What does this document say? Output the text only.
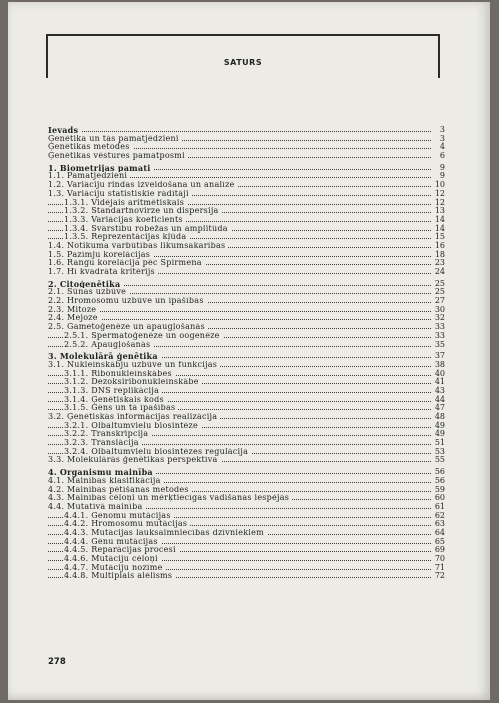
SATURS
Ievads	3
Ģenētika un tās pamatjēdzieni	3
Ģenētikas metodes	4
Ģenētikas vēstures pamatposmi	6
1. Biometrijas pamati	9
1.1. Pamatjēdzieni	9
1.2. Variāciju rindas izveidošana un analīze	10
1.3. Variāciju statistiskie rādītāji	12
1.3.1. Vidējais aritmētiskais	12
1.3.2. Standartnovirze un dispersija	13
1.3.3. Variācijas koeficients	14
1.3.4. Svārstību robežas un amplitūda	14
1.3.5. Reprezentācijas kļūda	15
1.4. Notikuma varbūtības likumsakarības	16
1.5. Pazīmju korelācijas	18
1.6. Rangu korelācija pēc Spirmena	23
1.7. Hī kvadrāta kritērijs	24
2. Citoģenētika	25
2.1. Šūnas uzbūve	25
2.2. Hromosomu uzbūve un īpašības	27
2.3. Mitoze	30
2.4. Mejoze	32
2.5. Gametoģenēze un apaugļošanās	33
2.5.1. Spermatoģenēze un oogenēze	33
2.5.2. Apaugļošanās	35
3. Molekulārā ģenētika	37
3.1. Nukleīnskābju uzbūve un funkcijas	38
3.1.1. Ribonukleīnskābes	40
3.1.2. Dezoksiribonukleīnskābe	41
3.1.3. DNS replikācija	43
3.1.4. Ģenētiskais kods	44
3.1.5. Gēns un tā īpašības	47
3.2. Ģenētiskās informācijas realizācija	48
3.2.1. Olbaltumvielu biosintēze	49
3.2.2. Transkripcija	49
3.2.3. Translācija	51
3.2.4. Olbaltumvielu biosintēzes regulācija	53
3.3. Molekulārās ģenētikas perspektīva	55
4. Organismu mainība	56
4.1. Mainības klasifikācija	56
4.2. Mainības pētīšanas metodes	59
4.3. Mainības cēloņi un mērķtiecīgas vadīšanas iespējas	60
4.4. Mutatīvā mainība	61
4.4.1. Genomu mutācijas	62
4.4.2. Hromosomu mutācijas	63
4.4.3. Mutācijas lauksaimniecības dzīvniekiem	64
4.4.4. Gēnu mutācijas	65
4.4.5. Reparācijas procesi	69
4.4.6. Mutāciju cēloņi	70
4.4.7. Mutāciju nozīme	71
4.4.8. Multiplais alēlisms	72
278
